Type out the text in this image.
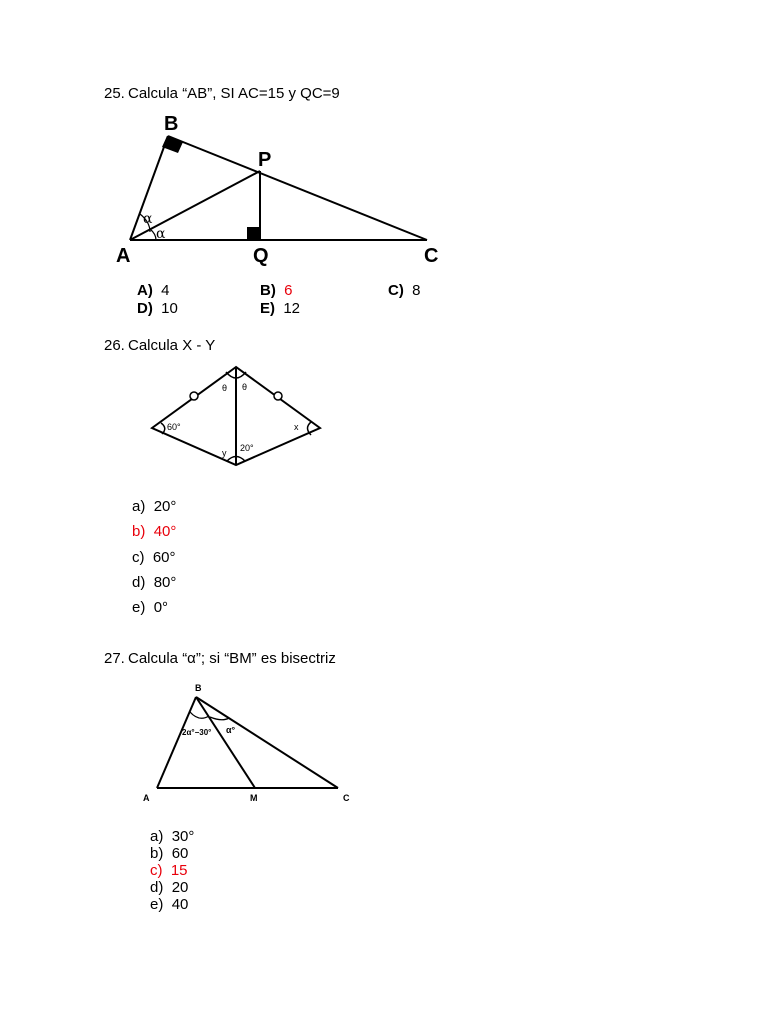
25. Calcula “AB”, SI AC=15 y QC=9
B
P
A	Q	C
α
α
A) 4	B) 6	C) 8
D) 10	E) 12
26. Calcula X - Y
θ θ
60°
20°
x
y
a) 20°
b) 40°
c) 60°
d) 80°
e) 0°
27. Calcula “α”; si “BM” es bisectriz
B
A	M	C
2α°−30° α°
a) 30°
b) 60
c) 15
d) 20
e) 40
